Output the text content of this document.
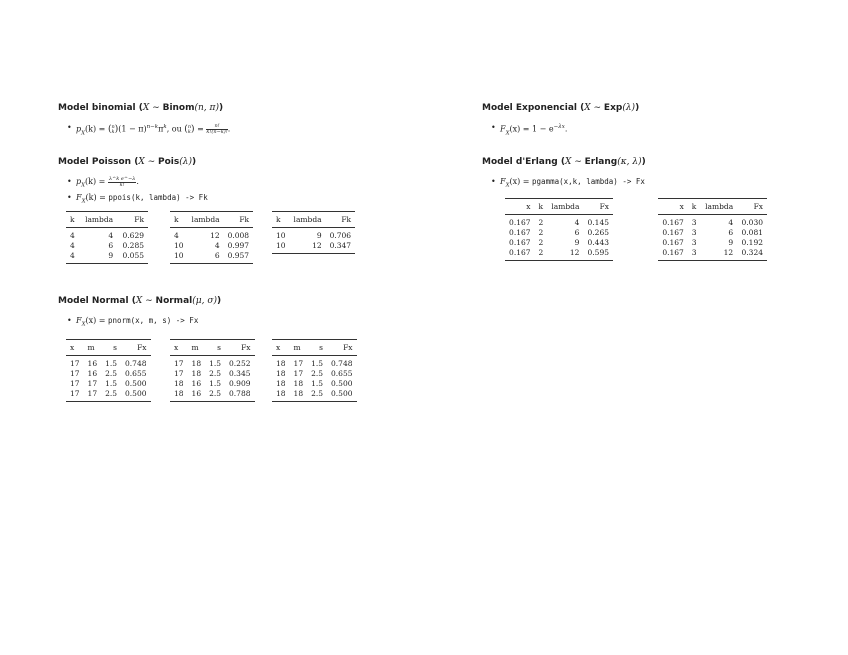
Model binomial (X ∼ Binom(n, π))
• $p_X(k)$ = ( n
k )$(1 - \pi)^{n-k}\pi^k$, ou ( n
k ) = $\frac{n!}{k!(n-k)!}$ .
Model Poisson (X ∼ Pois(λ))
• $p_X(k) = \frac{\text{λ\textasciicircum{}k e\textasciicircum{}−λ}}{k!}$ .
• $F_X(k)$ = ppois(k, lambda) -> Fk
k	lambda	Fk
4	4	0.629
4	6	0.285
4	9	0.055
k	lambda	Fk
4	12	0.008
10	4	0.997
10	6	0.957
k	lambda	Fk
10	9	0.706
10	12	0.347
Model Normal (X ∼ Normal(μ, σ))
• $F_X(x)$ = pnorm(x, m, s) -> Fx
x	m	s	Fx
17	16	1.5	0.748
17	16	2.5	0.655
17	17	1.5	0.500
17	17	2.5	0.500
x	m	s	Fx
17	18	1.5	0.252
17	18	2.5	0.345
18	16	1.5	0.909
18	16	2.5	0.788
x	m	s	Fx
18	17	1.5	0.748
18	17	2.5	0.655
18	18	1.5	0.500
18	18	2.5	0.500
Model Exponencial (X ∼ Exp(λ))
• $F_X(x) = 1 - e^{-\lambda x}$.
Model d'Erlang (X ∼ Erlang(κ, λ))
• $F_X(x)$ = pgamma(x,k, lambda) -> Fx
x	k	lambda	Fx
0.167	2	4	0.145
0.167	2	6	0.265
0.167	2	9	0.443
0.167	2	12	0.595
x	k	lambda	Fx
0.167	3	4	0.030
0.167	3	6	0.081
0.167	3	9	0.192
0.167	3	12	0.324
